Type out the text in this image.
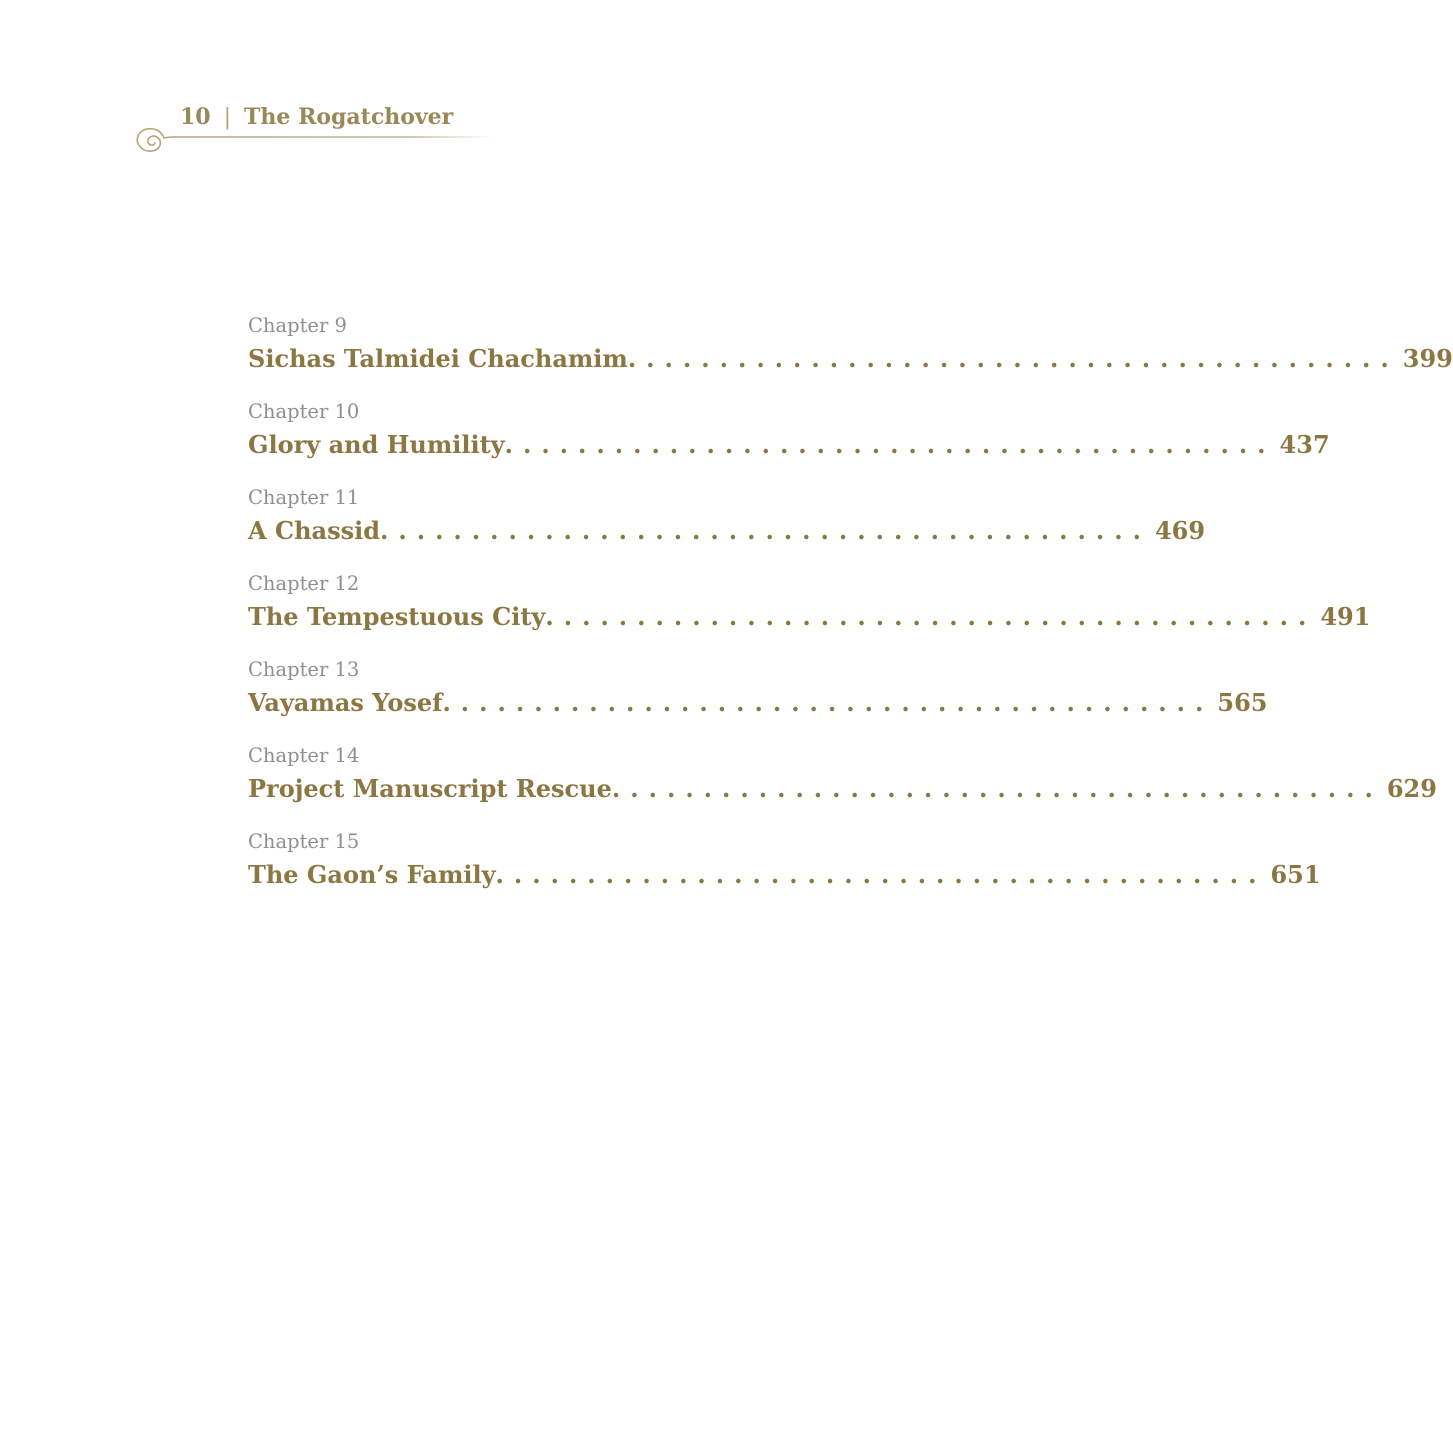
10 | The Rogatchover
Chapter 9
Sichas Talmidei Chachamim .......................................... 399
Chapter 10
Glory and Humility .......................................... 437
Chapter 11
A Chassid .......................................... 469
Chapter 12
The Tempestuous City .......................................... 491
Chapter 13
Vayamas Yosef .......................................... 565
Chapter 14
Project Manuscript Rescue .......................................... 629
Chapter 15
The Gaon’s Family .......................................... 651
